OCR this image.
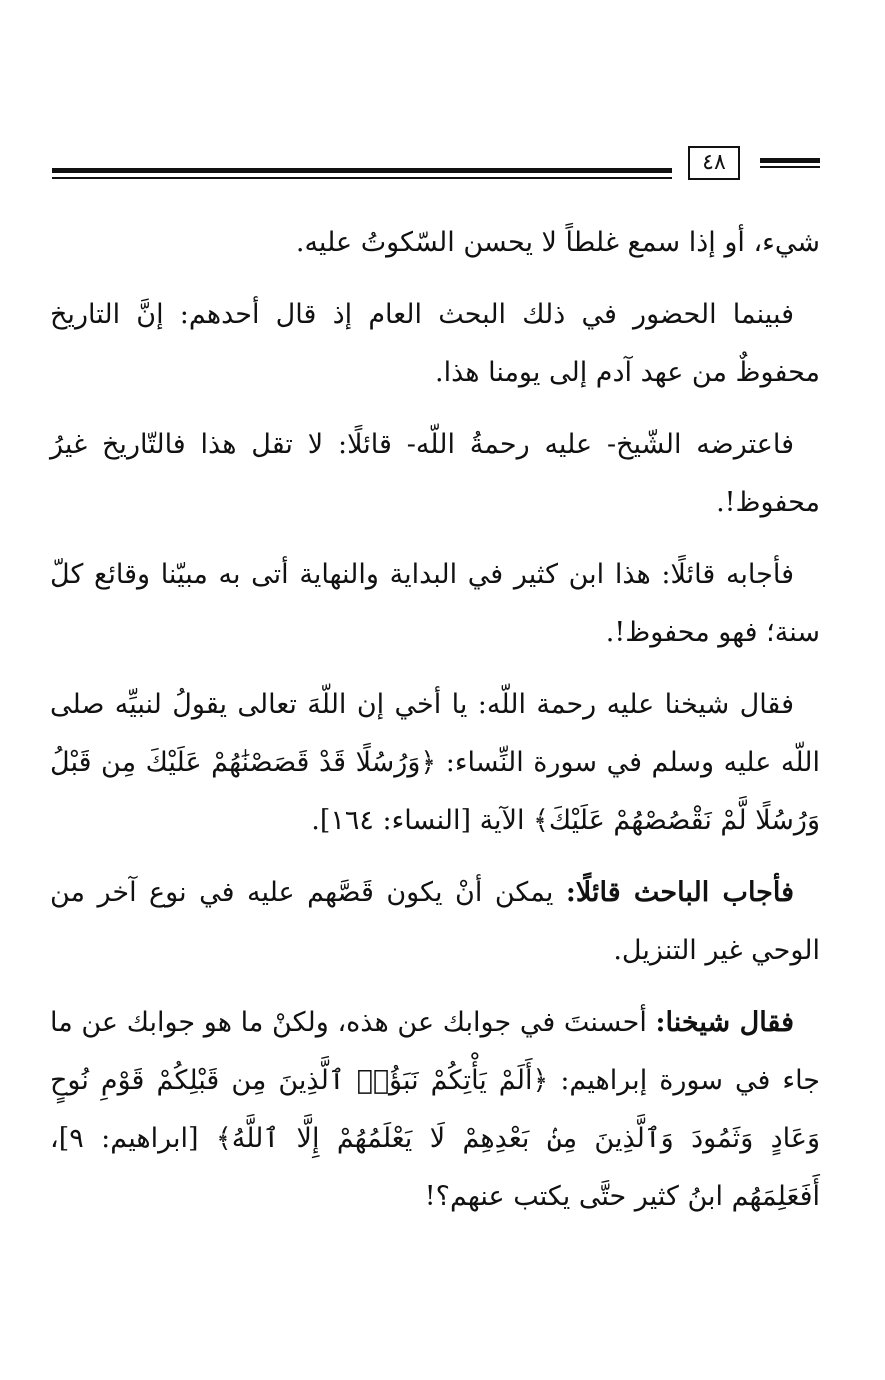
٤٨

شيء، أو إذا سمع غلطاً لا يحسن السّكوتُ عليه.

فبينما الحضور في ذلك البحث العام إذ قال أحدهم: إنَّ التاريخ محفوظٌ من عهد آدم إلى يومنا هذا.

فاعترضه الشّيخ- عليه رحمةُ اللّه- قائلًا: لا تقل هذا فالتّاريخ غيرُ محفوظ!.

فأجابه قائلًا: هذا ابن كثير في البداية والنهاية أتى به مبيّنا وقائع كلّ سنة؛ فهو محفوظ!.

فقال شيخنا عليه رحمة اللّه: يا أخي إن اللّهَ تعالى يقولُ لنبيِّه صلى اللّه عليه وسلم في سورة النِّساء: ﴿وَرُسُلًا قَدْ قَصَصْنَٰهُمْ عَلَيْكَ مِن قَبْلُ وَرُسُلًا لَّمْ نَقْصُصْهُمْ عَلَيْكَ﴾ الآية [النساء: ١٦٤].

فأجاب الباحث قائلًا: يمكن أنْ يكون قَصَّهم عليه في نوع آخر من الوحي غير التنزيل.

فقال شيخنا: أحسنتَ في جوابك عن هذه، ولكنْ ما هو جوابك عن ما جاء في سورة إبراهيم: ﴿أَلَمْ يَأْتِكُمْ نَبَؤُا۟ ٱلَّذِينَ مِن قَبْلِكُمْ قَوْمِ نُوحٍ وَعَادٍ وَثَمُودَ وَٱلَّذِينَ مِنۢ بَعْدِهِمْ لَا يَعْلَمُهُمْ إِلَّا ٱللَّهُ﴾ [ابراهيم: ٩]، أَفَعَلِمَهُم ابنُ كثير حتَّى يكتب عنهم؟!
